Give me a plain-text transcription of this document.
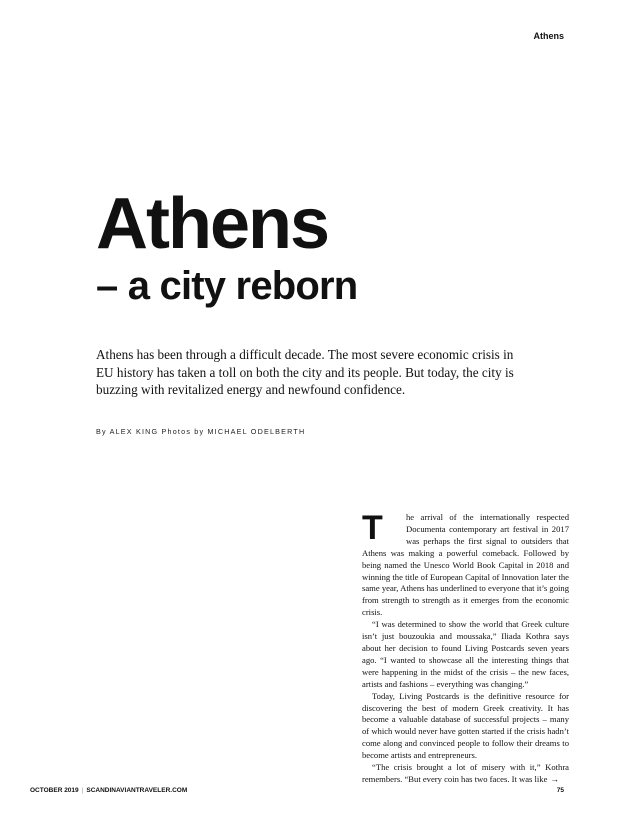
Athens
Athens
– a city reborn

Athens has been through a difficult decade. The most severe economic crisis in EU history has taken a toll on both the city and its people. But today, the city is buzzing with revitalized energy and newfound confidence.

By ALEX KING Photos by MICHAEL ODELBERTH

T	he arrival of the internationally respected Documenta contemporary art festival in 2017 was perhaps the first signal to outsiders that Athens was making a powerful comeback. Followed by being named the Unesco World Book Capital in 2018 and winning the title of European Capital of Innovation later the same year, Athens has underlined to everyone that it’s going from strength to strength as it emerges from the economic crisis.

“I was determined to show the world that Greek culture isn’t just bouzoukia and moussaka,” Iliada Kothra says about her decision to found Living Postcards seven years ago. “I wanted to showcase all the interesting things that were happening in the midst of the crisis – the new faces, artists and fashions – everything was changing.”

Today, Living Postcards is the definitive resource for discovering the best of modern Greek creativity. It has become a valuable database of successful projects – many of which would never have gotten started if the crisis hadn’t come along and convinced people to follow their dreams to become artists and entrepreneurs.

“The crisis brought a lot of misery with it,” Kothra remembers. “But every coin has two faces. It was like →

OCTOBER 2019 | SCANDINAVIANTRAVELER.COM	75
